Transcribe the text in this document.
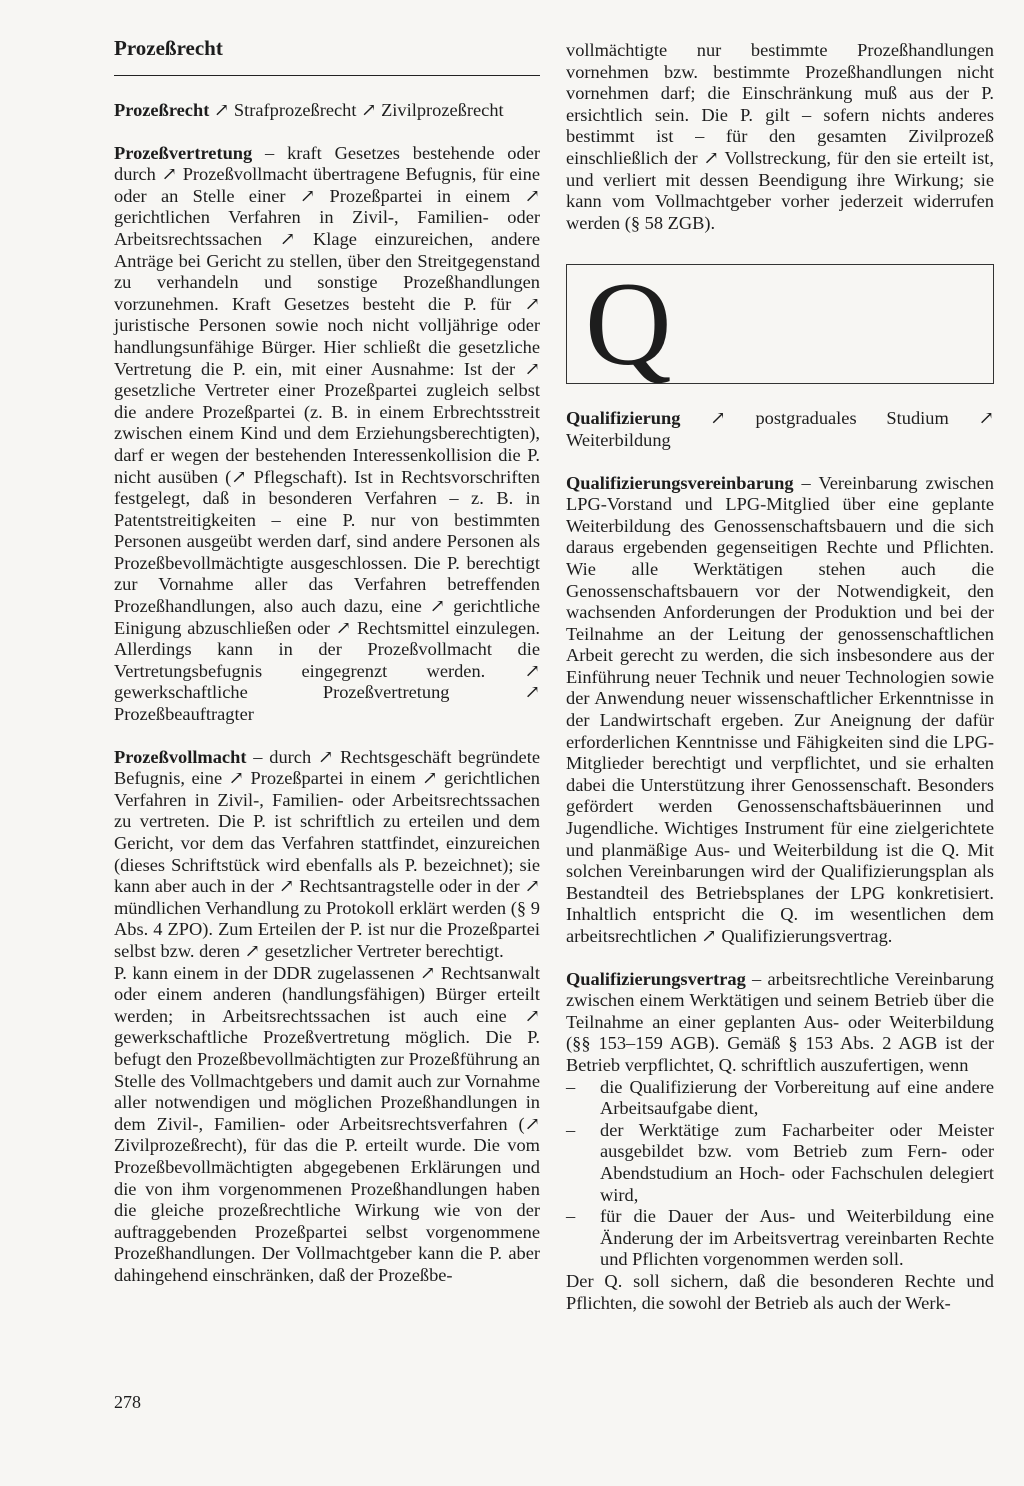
Prozeßrecht

Prozeßrecht ↗ Strafprozeßrecht ↗ Zivilprozeßrecht

Prozeßvertretung – kraft Gesetzes bestehende oder durch ↗ Prozeßvollmacht übertragene Befugnis, für eine oder an Stelle einer ↗ Prozeßpartei in einem ↗ gerichtlichen Verfahren in Zivil-, Familien- oder Arbeitsrechtssachen ↗ Klage einzureichen, andere Anträge bei Gericht zu stellen, über den Streitgegenstand zu verhandeln und sonstige Prozeßhandlungen vorzunehmen. Kraft Gesetzes besteht die P. für ↗ juristische Personen sowie noch nicht volljährige oder handlungsunfähige Bürger. Hier schließt die gesetzliche Vertretung die P. ein, mit einer Ausnahme: Ist der ↗ gesetzliche Vertreter einer Prozeßpartei zugleich selbst die andere Prozeßpartei (z. B. in einem Erbrechtsstreit zwischen einem Kind und dem Erziehungsberechtigten), darf er wegen der bestehenden Interessenkollision die P. nicht ausüben (↗ Pflegschaft). Ist in Rechtsvorschriften festgelegt, daß in besonderen Verfahren – z. B. in Patentstreitigkeiten – eine P. nur von bestimmten Personen ausgeübt werden darf, sind andere Personen als Prozeßbevollmächtigte ausgeschlossen. Die P. berechtigt zur Vornahme aller das Verfahren betreffenden Prozeßhandlungen, also auch dazu, eine ↗ gerichtliche Einigung abzuschließen oder ↗ Rechtsmittel einzulegen. Allerdings kann in der Prozeßvollmacht die Vertretungsbefugnis eingegrenzt werden. ↗ gewerkschaftliche Prozeßvertretung ↗ Prozeßbeauftragter

Prozeßvollmacht – durch ↗ Rechtsgeschäft begründete Befugnis, eine ↗ Prozeßpartei in einem ↗ gerichtlichen Verfahren in Zivil-, Familien- oder Arbeitsrechtssachen zu vertreten. Die P. ist schriftlich zu erteilen und dem Gericht, vor dem das Verfahren stattfindet, einzureichen (dieses Schriftstück wird ebenfalls als P. bezeichnet); sie kann aber auch in der ↗ Rechtsantragstelle oder in der ↗ mündlichen Verhandlung zu Protokoll erklärt werden (§ 9 Abs. 4 ZPO). Zum Erteilen der P. ist nur die Prozeßpartei selbst bzw. deren ↗ gesetzlicher Vertreter berechtigt.

P. kann einem in der DDR zugelassenen ↗ Rechtsanwalt oder einem anderen (handlungsfähigen) Bürger erteilt werden; in Arbeitsrechtssachen ist auch eine ↗ gewerkschaftliche Prozeßvertretung möglich. Die P. befugt den Prozeßbevollmächtigten zur Prozeßführung an Stelle des Vollmachtgebers und damit auch zur Vornahme aller notwendigen und möglichen Prozeßhandlungen in dem Zivil-, Familien- oder Arbeitsrechtsverfahren (↗ Zivilprozeßrecht), für das die P. erteilt wurde. Die vom Prozeßbevollmächtigten abgegebenen Erklärungen und die von ihm vorgenommenen Prozeßhandlungen haben die gleiche prozeßrechtliche Wirkung wie von der auftraggebenden Prozeßpartei selbst vorgenommene Prozeßhandlungen. Der Vollmachtgeber kann die P. aber dahingehend einschränken, daß der Prozeßbe-

278

vollmächtigte nur bestimmte Prozeßhandlungen vornehmen bzw. bestimmte Prozeßhandlungen nicht vornehmen darf; die Einschränkung muß aus der P. ersichtlich sein. Die P. gilt – sofern nichts anderes bestimmt ist – für den gesamten Zivilprozeß einschließlich der ↗ Vollstreckung, für den sie erteilt ist, und verliert mit dessen Beendigung ihre Wirkung; sie kann vom Vollmachtgeber vorher jederzeit widerrufen werden (§ 58 ZGB).

Q

Qualifizierung ↗ postgraduales Studium ↗ Weiterbildung

Qualifizierungsvereinbarung – Vereinbarung zwischen LPG-Vorstand und LPG-Mitglied über eine geplante Weiterbildung des Genossenschaftsbauern und die sich daraus ergebenden gegenseitigen Rechte und Pflichten. Wie alle Werktätigen stehen auch die Genossenschaftsbauern vor der Notwendigkeit, den wachsenden Anforderungen der Produktion und bei der Teilnahme an der Leitung der genossenschaftlichen Arbeit gerecht zu werden, die sich insbesondere aus der Einführung neuer Technik und neuer Technologien sowie der Anwendung neuer wissenschaftlicher Erkenntnisse in der Landwirtschaft ergeben. Zur Aneignung der dafür erforderlichen Kenntnisse und Fähigkeiten sind die LPG-Mitglieder berechtigt und verpflichtet, und sie erhalten dabei die Unterstützung ihrer Genossenschaft. Besonders gefördert werden Genossenschaftsbäuerinnen und Jugendliche. Wichtiges Instrument für eine zielgerichtete und planmäßige Aus- und Weiterbildung ist die Q. Mit solchen Vereinbarungen wird der Qualifizierungsplan als Bestandteil des Betriebsplanes der LPG konkretisiert. Inhaltlich entspricht die Q. im wesentlichen dem arbeitsrechtlichen ↗ Qualifizierungsvertrag.

Qualifizierungsvertrag – arbeitsrechtliche Vereinbarung zwischen einem Werktätigen und seinem Betrieb über die Teilnahme an einer geplanten Aus- oder Weiterbildung (§§ 153–159 AGB). Gemäß § 153 Abs. 2 AGB ist der Betrieb verpflichtet, Q. schriftlich auszufertigen, wenn

– die Qualifizierung der Vorbereitung auf eine andere Arbeitsaufgabe dient,
– der Werktätige zum Facharbeiter oder Meister ausgebildet bzw. vom Betrieb zum Fern- oder Abendstudium an Hoch- oder Fachschulen delegiert wird,
– für die Dauer der Aus- und Weiterbildung eine Änderung der im Arbeitsvertrag vereinbarten Rechte und Pflichten vorgenommen werden soll.

Der Q. soll sichern, daß die besonderen Rechte und Pflichten, die sowohl der Betrieb als auch der Werk-
